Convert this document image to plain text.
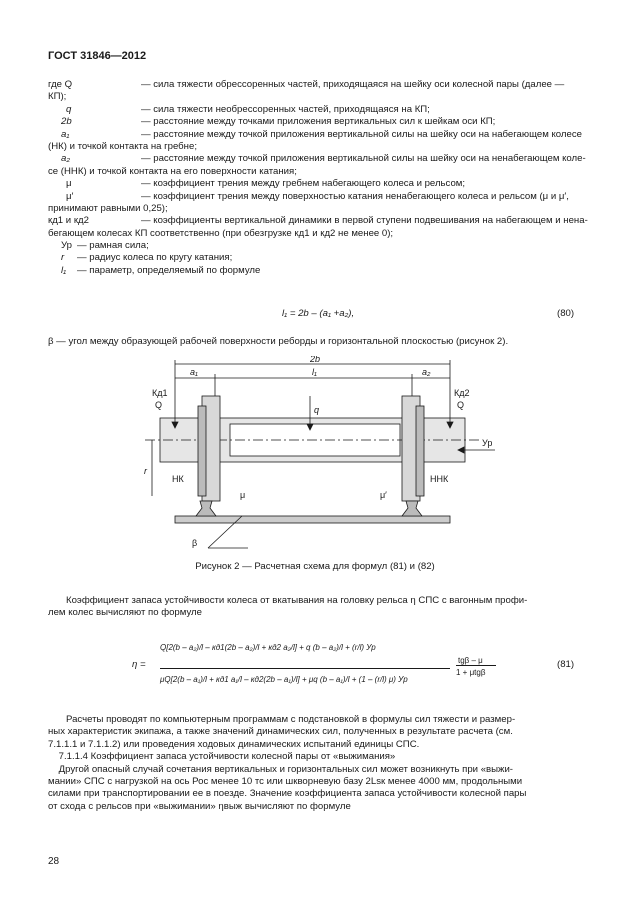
ГОСТ 31846—2012
где Q	— сила тяжести обрессоренных частей, приходящаяся на шейку оси колесной пары (далее —
КП);
q	— сила тяжести необрессоренных частей, приходящаяся на КП;
2b	— расстояние между точками приложения вертикальных сил к шейкам оси КП;
a₁	— расстояние между точкой приложения вертикальной силы на шейку оси на набегающем колесе
(НК) и точкой контакта на гребне;
a₂	— расстояние между точкой приложения вертикальной силы на шейку оси на ненабегающем коле-
се (ННК) и точкой контакта на его поверхности катания;
μ	— коэффициент трения между гребнем набегающего колеса и рельсом;
μ′	— коэффициент трения между поверхностью катания ненабегающего колеса и рельсом (μ и μ′,
принимают равными 0,25);
кд1 и кд2	— коэффициенты вертикальной динамики в первой ступени подвешивания на набегающем и нена-
бегающем колесах КП соответственно (при обезгрузке кд1 и кд2 не менее 0);
Ур — рамная сила;
r — радиус колеса по кругу катания;
l₁ — параметр, определяемый по формуле
l₁ = 2b – (a₁ +a₂),	(80)
β — угол между образующей рабочей поверхности реборды и горизонтальной плоскостью (рисунок 2).
2b
a₁	l₁	a₂
Кд1
Q
Кд2
Q
q
Ур
r
НК	ННК
μ	μ′
β
Рисунок 2 — Расчетная схема для формул (81) и (82)
Коэффициент запаса устойчивости колеса от вкатывания на головку рельса η СПС с вагонным профи-
лем колес вычисляют по формуле
η =
Q[2(b – a₂)/l – кд1(2b – a₂)/l + кд2 a₂/l] + q (b – a₂)/l + (r/l) Ур
μQ[2(b – a₁)/l + кд1 a₁/l – кд2(2b – a₁)/l] + μq (b – a₁)/l + (1 – (r/l) μ) Ур
tgβ – μ
1 + μtgβ
(81)
Расчеты проводят по компьютерным программам с подстановкой в формулы сил тяжести и размер-
ных характеристик экипажа, а также значений динамических сил, полученных в результате расчета (см.
7.1.1.1 и 7.1.1.2) или проведения ходовых динамических испытаний единицы СПС.
7.1.1.4 Коэффициент запаса устойчивости колесной пары от «выжимания»
Другой опасный случай сочетания вертикальных и горизонтальных сил может возникнуть при «выжи-
мании» СПС с нагрузкой на ось Рос менее 10 тс или шкворневую базу 2Lsк менее 4000 мм, продольными
силами при транспортировании ее в поезде. Значение коэффициента запаса устойчивости колесной пары
от схода с рельсов при «выжимании» ηвыж вычисляют по формуле
28
